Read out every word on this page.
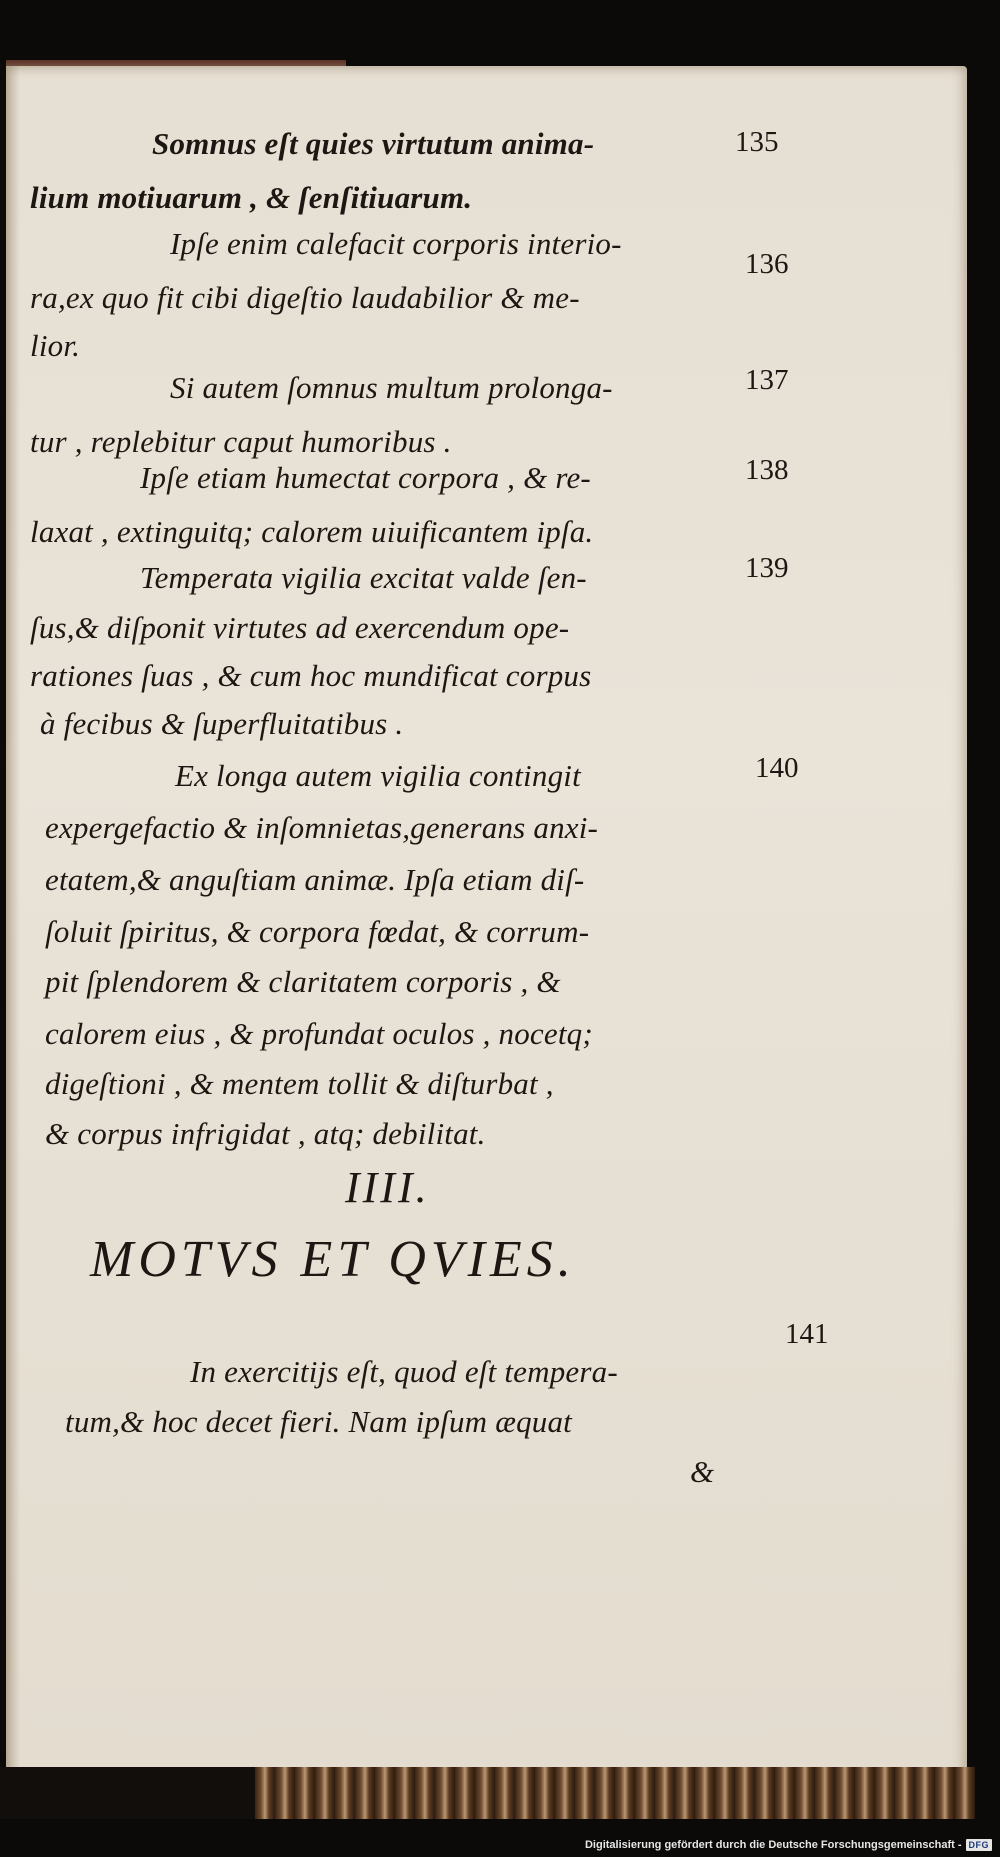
Somnus eſt quies virtutum anima-
lium motiuarum , & ſenſitiuarum.
Ipſe enim calefacit corporis interio-
ra,ex quo fit cibi digeſtio laudabilior & me-
lior.
Si autem ſomnus multum prolonga-
tur , replebitur caput humoribus .
Ipſe etiam humectat corpora , & re-
laxat , extinguitq; calorem uiuificantem ipſa.
Temperata vigilia excitat valde ſen-
ſus,& diſponit virtutes ad exercendum ope-
rationes ſuas , & cum hoc mundificat corpus
à fecibus & ſuperfluitatibus .
Ex longa autem vigilia contingit
expergefactio & inſomnietas,generans anxi-
etatem,& anguſtiam animæ. Ipſa etiam diſ-
ſoluit ſpiritus, & corpora fœdat, & corrum-
pit ſplendorem & claritatem corporis , &
calorem eius , & profundat oculos , nocetq;
digeſtioni , & mentem tollit & diſturbat ,
& corpus infrigidat , atq; debilitat.
IIII.
MOTVS ET QVIES.
In exercitijs eſt, quod eſt tempera-
tum,& hoc decet fieri. Nam ipſum æquat
&
135
136
137
138
139
140
141
Digitalisierung gefördert durch die Deutsche Forschungsgemeinschaft - DFG
